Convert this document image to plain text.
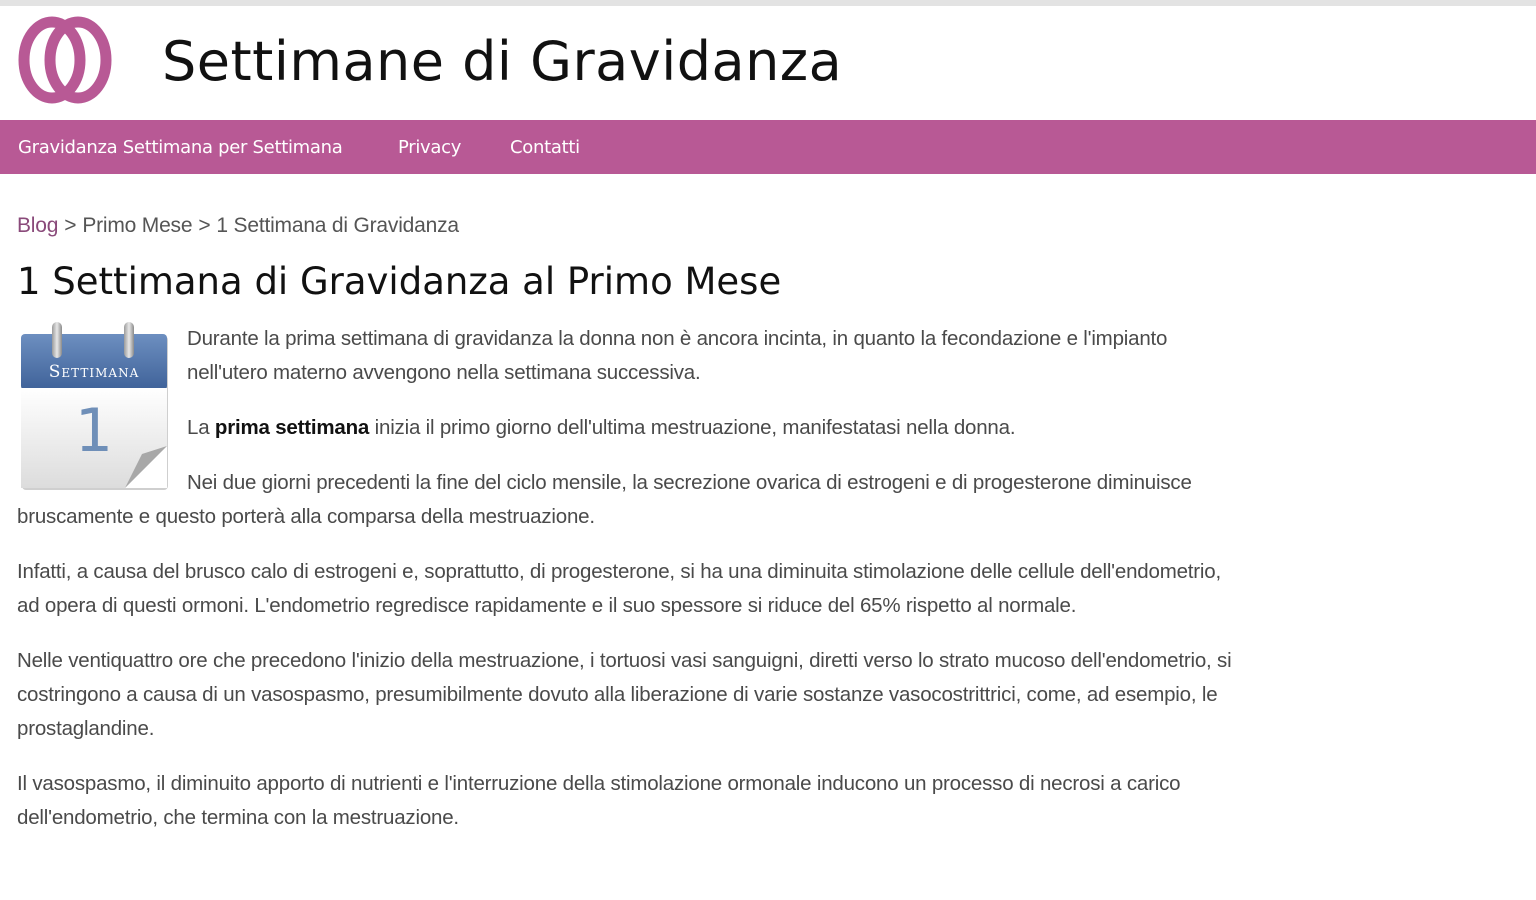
Settimane di Gravidanza
Gravidanza Settimana per Settimana	Privacy	Contatti
Blog > Primo Mese > 1 Settimana di Gravidanza
1 Settimana di Gravidanza al Primo Mese
Settimana
1

Durante la prima settimana di gravidanza la donna non è ancora incinta, in quanto la fecondazione e l'impianto nell'utero materno avvengono nella settimana successiva.

La prima settimana inizia il primo giorno dell'ultima mestruazione, manifestatasi nella donna.

Nei due giorni precedenti la fine del ciclo mensile, la secrezione ovarica di estrogeni e di progesterone diminuisce bruscamente e questo porterà alla comparsa della mestruazione.

Infatti, a causa del brusco calo di estrogeni e, soprattutto, di progesterone, si ha una diminuita stimolazione delle cellule dell'endometrio, ad opera di questi ormoni. L'endometrio regredisce rapidamente e il suo spessore si riduce del 65% rispetto al normale.

Nelle ventiquattro ore che precedono l'inizio della mestruazione, i tortuosi vasi sanguigni, diretti verso lo strato mucoso dell'endometrio, si costringono a causa di un vasospasmo, presumibilmente dovuto alla liberazione di varie sostanze vasocostrittrici, come, ad esempio, le prostaglandine.

Il vasospasmo, il diminuito apporto di nutrienti e l'interruzione della stimolazione ormonale inducono un processo di necrosi a carico dell'endometrio, che termina con la mestruazione.
